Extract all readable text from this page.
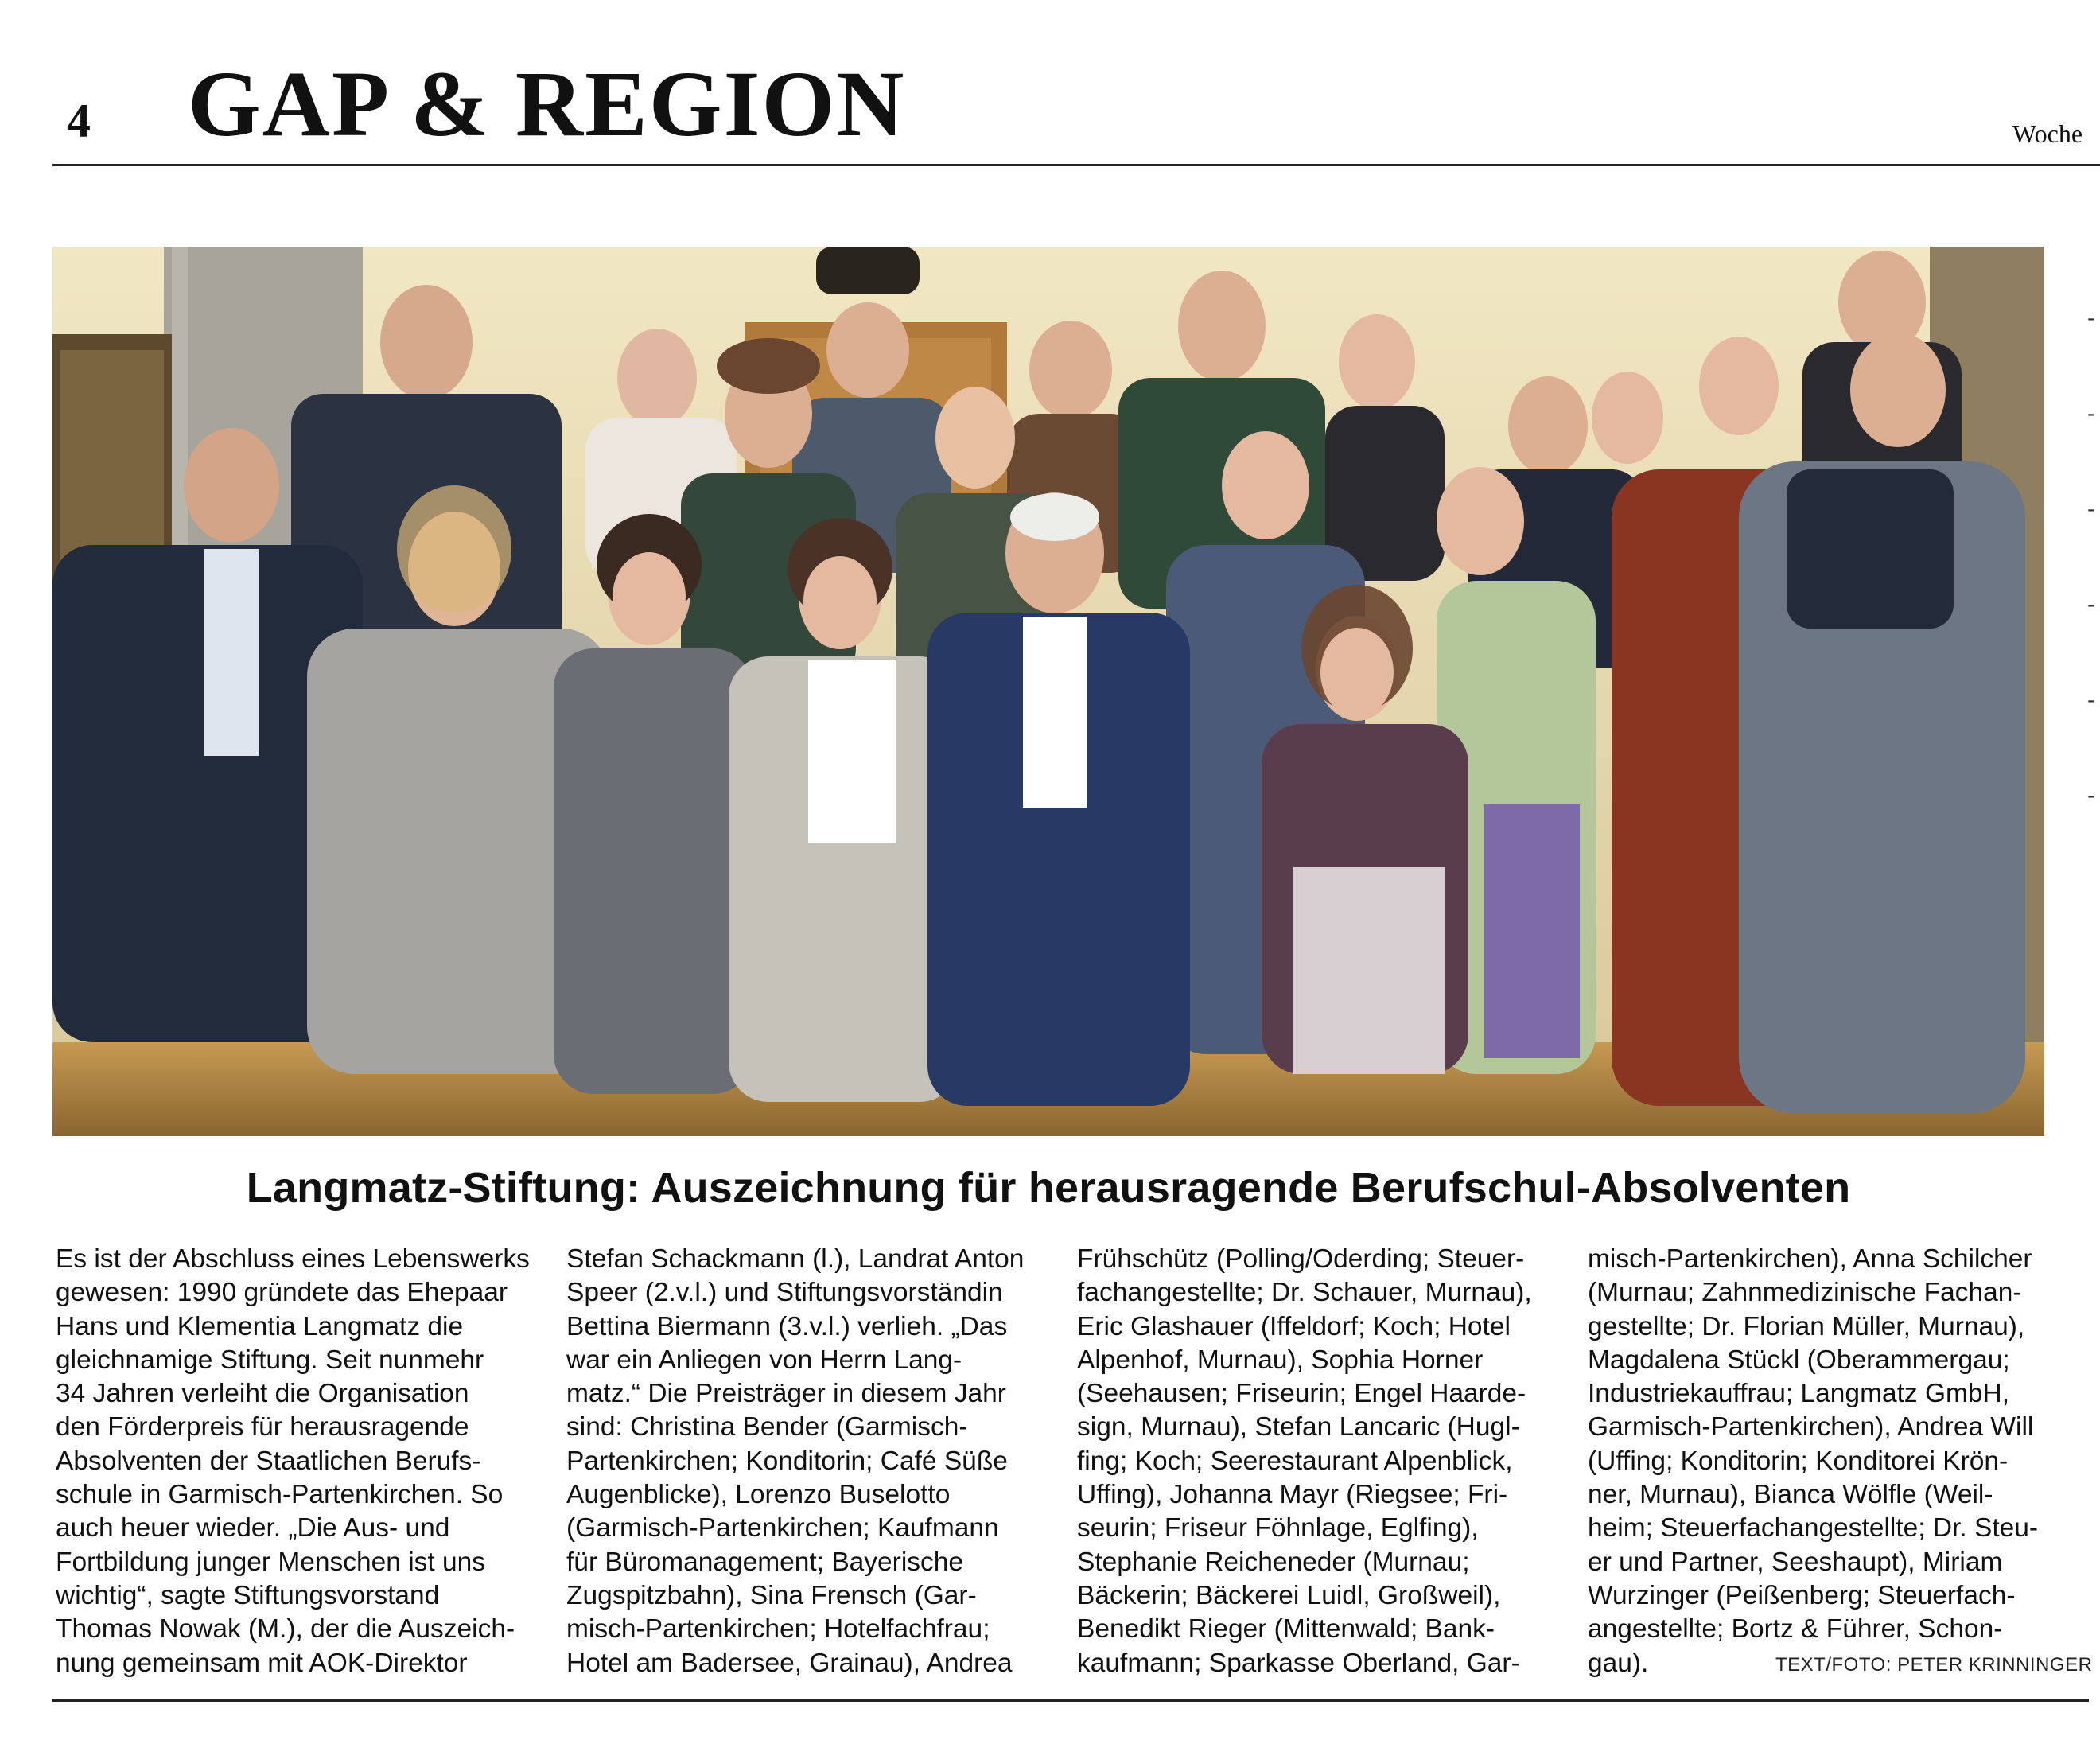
4 GAP & REGION	Woche
-
-
-
-
-
-
Langmatz-Stiftung: Auszeichnung für herausragende Berufschul-Absolventen
Es ist der Abschluss eines Lebenswerks
gewesen: 1990 gründete das Ehepaar
Hans und Klementia Langmatz die
gleichnamige Stiftung. Seit nunmehr
34 Jahren verleiht die Organisation
den Förderpreis für herausragende
Absolventen der Staatlichen Berufs-
schule in Garmisch-Partenkirchen. So
auch heuer wieder. „Die Aus- und
Fortbildung junger Menschen ist uns
wichtig“, sagte Stiftungsvorstand
Thomas Nowak (M.), der die Auszeich-
nung gemeinsam mit AOK-Direktor
Stefan Schackmann (l.), Landrat Anton
Speer (2.v.l.) und Stiftungsvorständin
Bettina Biermann (3.v.l.) verlieh. „Das
war ein Anliegen von Herrn Lang-
matz.“ Die Preisträger in diesem Jahr
sind: Christina Bender (Garmisch-
Partenkirchen; Konditorin; Café Süße
Augenblicke), Lorenzo Buselotto
(Garmisch-Partenkirchen; Kaufmann
für Büromanagement; Bayerische
Zugspitzbahn), Sina Frensch (Gar-
misch-Partenkirchen; Hotelfachfrau;
Hotel am Badersee, Grainau), Andrea
Frühschütz (Polling/Oderding; Steuer-
fachangestellte; Dr. Schauer, Murnau),
Eric Glashauer (Iffeldorf; Koch; Hotel
Alpenhof, Murnau), Sophia Horner
(Seehausen; Friseurin; Engel Haarde-
sign, Murnau), Stefan Lancaric (Hugl-
fing; Koch; Seerestaurant Alpenblick,
Uffing), Johanna Mayr (Riegsee; Fri-
seurin; Friseur Föhnlage, Eglfing),
Stephanie Reicheneder (Murnau;
Bäckerin; Bäckerei Luidl, Großweil),
Benedikt Rieger (Mittenwald; Bank-
kaufmann; Sparkasse Oberland, Gar-
misch-Partenkirchen), Anna Schilcher
(Murnau; Zahnmedizinische Fachan-
gestellte; Dr. Florian Müller, Murnau),
Magdalena Stückl (Oberammergau;
Industriekauffrau; Langmatz GmbH,
Garmisch-Partenkirchen), Andrea Will
(Uffing; Konditorin; Konditorei Krön-
ner, Murnau), Bianca Wölfle (Weil-
heim; Steuerfachangestellte; Dr. Steu-
er und Partner, Seeshaupt), Miriam
Wurzinger (Peißenberg; Steuerfach-
angestellte; Bortz & Führer, Schon-
gau).	TEXT/FOTO: PETER KRINNINGER
